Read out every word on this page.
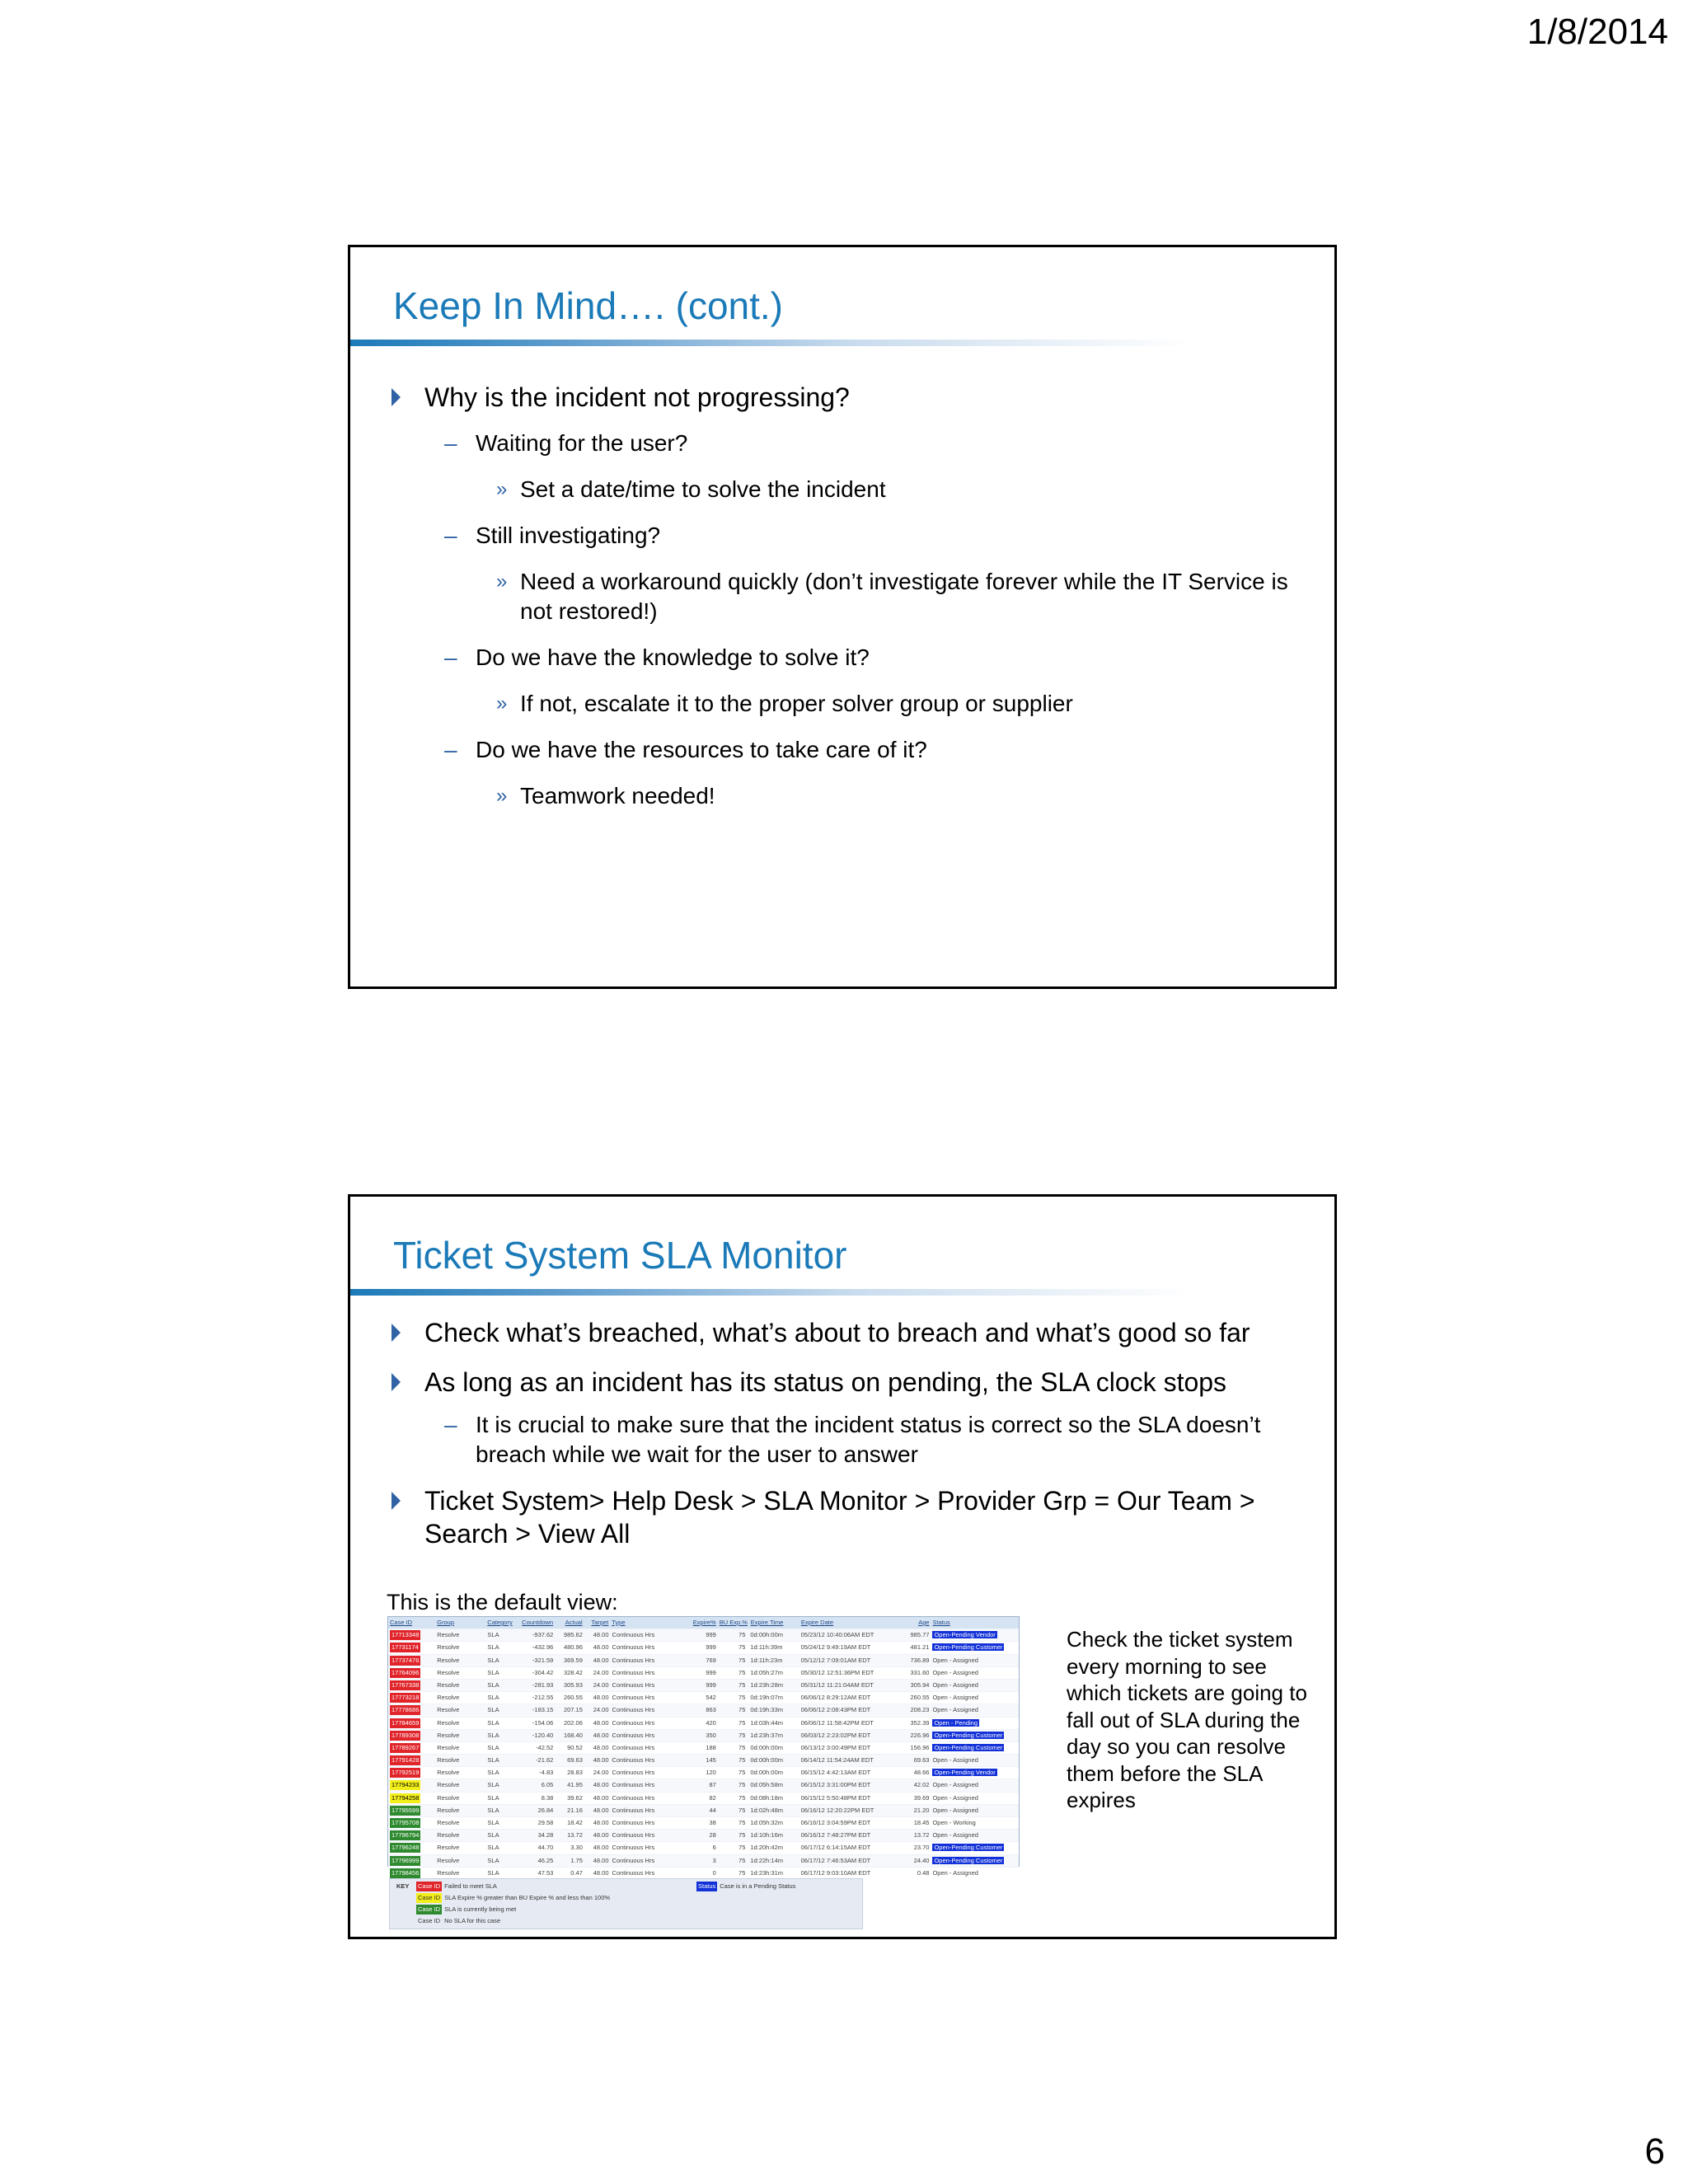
1/8/2014
Keep In Mind…. (cont.)
Why is the incident not progressing?
– Waiting for the user?
» Set a date/time to solve the incident
– Still investigating?
» Need a workaround quickly (don’t investigate forever while the IT Service is not restored!)
– Do we have the knowledge to solve it?
» If not, escalate it to the proper solver group or supplier
– Do we have the resources to take care of it?
» Teamwork needed!
Ticket System SLA Monitor
Check what’s breached, what’s about to breach and what’s good so far
As long as an incident has its status on pending, the SLA clock stops
– It is crucial to make sure that the incident status is correct so the SLA doesn’t breach while we wait for the user to answer
Ticket System> Help Desk > SLA Monitor > Provider Grp = Our Team > Search > View All
This is the default view:
Case ID	Group	Category	Countdown	Actual	Target Type	Expire% BU Exp.% Expire Time	Expire Date	Age Status
17713348	Resolve	SLA	-937.62	985.62	48.00 Continuous Hrs	999	75 0d:00h:00m	05/23/12 10:40:06AM EDT	985.77 Open-Pending Vendor
17731174	Resolve	SLA	-432.96	480.96	48.00 Continuous Hrs	999	75 1d:11h:39m	05/24/12 9:49:19AM EDT	481.21 Open-Pending Customer
17737476	Resolve	SLA	-321.59	369.59	48.00 Continuous Hrs	769	75 1d:11h:23m	05/12/12 7:09:01AM EDT	736.89 Open - Assigned
17764096	Resolve	SLA	-304.42	328.42	24.00 Continuous Hrs	999	75 1d:05h:27m	05/30/12 12:51:36PM EDT	331.60 Open - Assigned
17767338	Resolve	SLA	-281.93	305.93	24.00 Continuous Hrs	999	75 1d:23h:28m	05/31/12 11:21:04AM EDT	305.94 Open - Assigned
17773218	Resolve	SLA	-212.55	260.55	48.00 Continuous Hrs	542	75 0d:19h:07m	06/06/12 8:29:12AM EDT	260.55 Open - Assigned
17778686	Resolve	SLA	-183.15	207.15	24.00 Continuous Hrs	863	75 0d:19h:33m	06/06/12 2:08:43PM EDT	208.23 Open - Assigned
17784659	Resolve	SLA	-154.06	202.06	48.00 Continuous Hrs	420	75 1d:03h:44m	06/06/12 11:58:42PM EDT	352.39 Open - Pending
17789308	Resolve	SLA	-120.40	168.40	48.00 Continuous Hrs	350	75 1d:23h:37m	06/03/12 2:23:02PM EDT	226.96 Open-Pending Customer
17789267	Resolve	SLA	-42.52	90.52	48.00 Continuous Hrs	188	75 0d:00h:00m	06/13/12 3:00:49PM EDT	156.96 Open-Pending Customer
17791428	Resolve	SLA	-21.62	69.63	48.00 Continuous Hrs	145	75 0d:00h:00m	06/14/12 11:54:24AM EDT	69.63 Open - Assigned
17792519	Resolve	SLA	-4.83	28.83	24.00 Continuous Hrs	120	75 0d:00h:00m	06/15/12 4:42:13AM EDT	48.66 Open-Pending Vendor
17794233	Resolve	SLA	6.05	41.95	48.00 Continuous Hrs	87	75 0d:05h:58m	06/15/12 3:31:00PM EDT	42.02 Open - Assigned
17794258	Resolve	SLA	8.38	39.62	48.00 Continuous Hrs	82	75 0d:08h:18m	06/15/12 5:50:48PM EDT	39.69 Open - Assigned
17795599	Resolve	SLA	26.84	21.16	48.00 Continuous Hrs	44	75 1d:02h:48m	06/16/12 12:20:22PM EDT	21.20 Open - Assigned
17795708	Resolve	SLA	29.58	18.42	48.00 Continuous Hrs	38	75 1d:05h:32m	06/16/12 3:04:59PM EDT	18.45 Open - Working
17796794	Resolve	SLA	34.28	13.72	48.00 Continuous Hrs	28	75 1d:10h:16m	06/16/12 7:48:27PM EDT	13.72 Open - Assigned
17796248	Resolve	SLA	44.70	3.30	48.00 Continuous Hrs	6	75 1d:20h:42m	06/17/12 6:14:15AM EDT	23.70 Open-Pending Customer
17796999	Resolve	SLA	46.25	1.75	48.00 Continuous Hrs	3	75 1d:22h:14m	06/17/12 7:46:53AM EDT	24.40 Open-Pending Customer
17798456	Resolve	SLA	47.53	0.47	48.00 Continuous Hrs	0	75 1d:23h:31m	06/17/12 9:03:10AM EDT	0.48 Open - Assigned
KEY Case ID Failed to meet SLA
Case ID SLA Expire % greater than BU Expire % and less than 100%
Case ID SLA is currently being met
Case ID No SLA for this case
Status Case is in a Pending Status
Check the ticket system every morning to see which tickets are going to fall out of SLA during the day so you can resolve them before the SLA expires
6
